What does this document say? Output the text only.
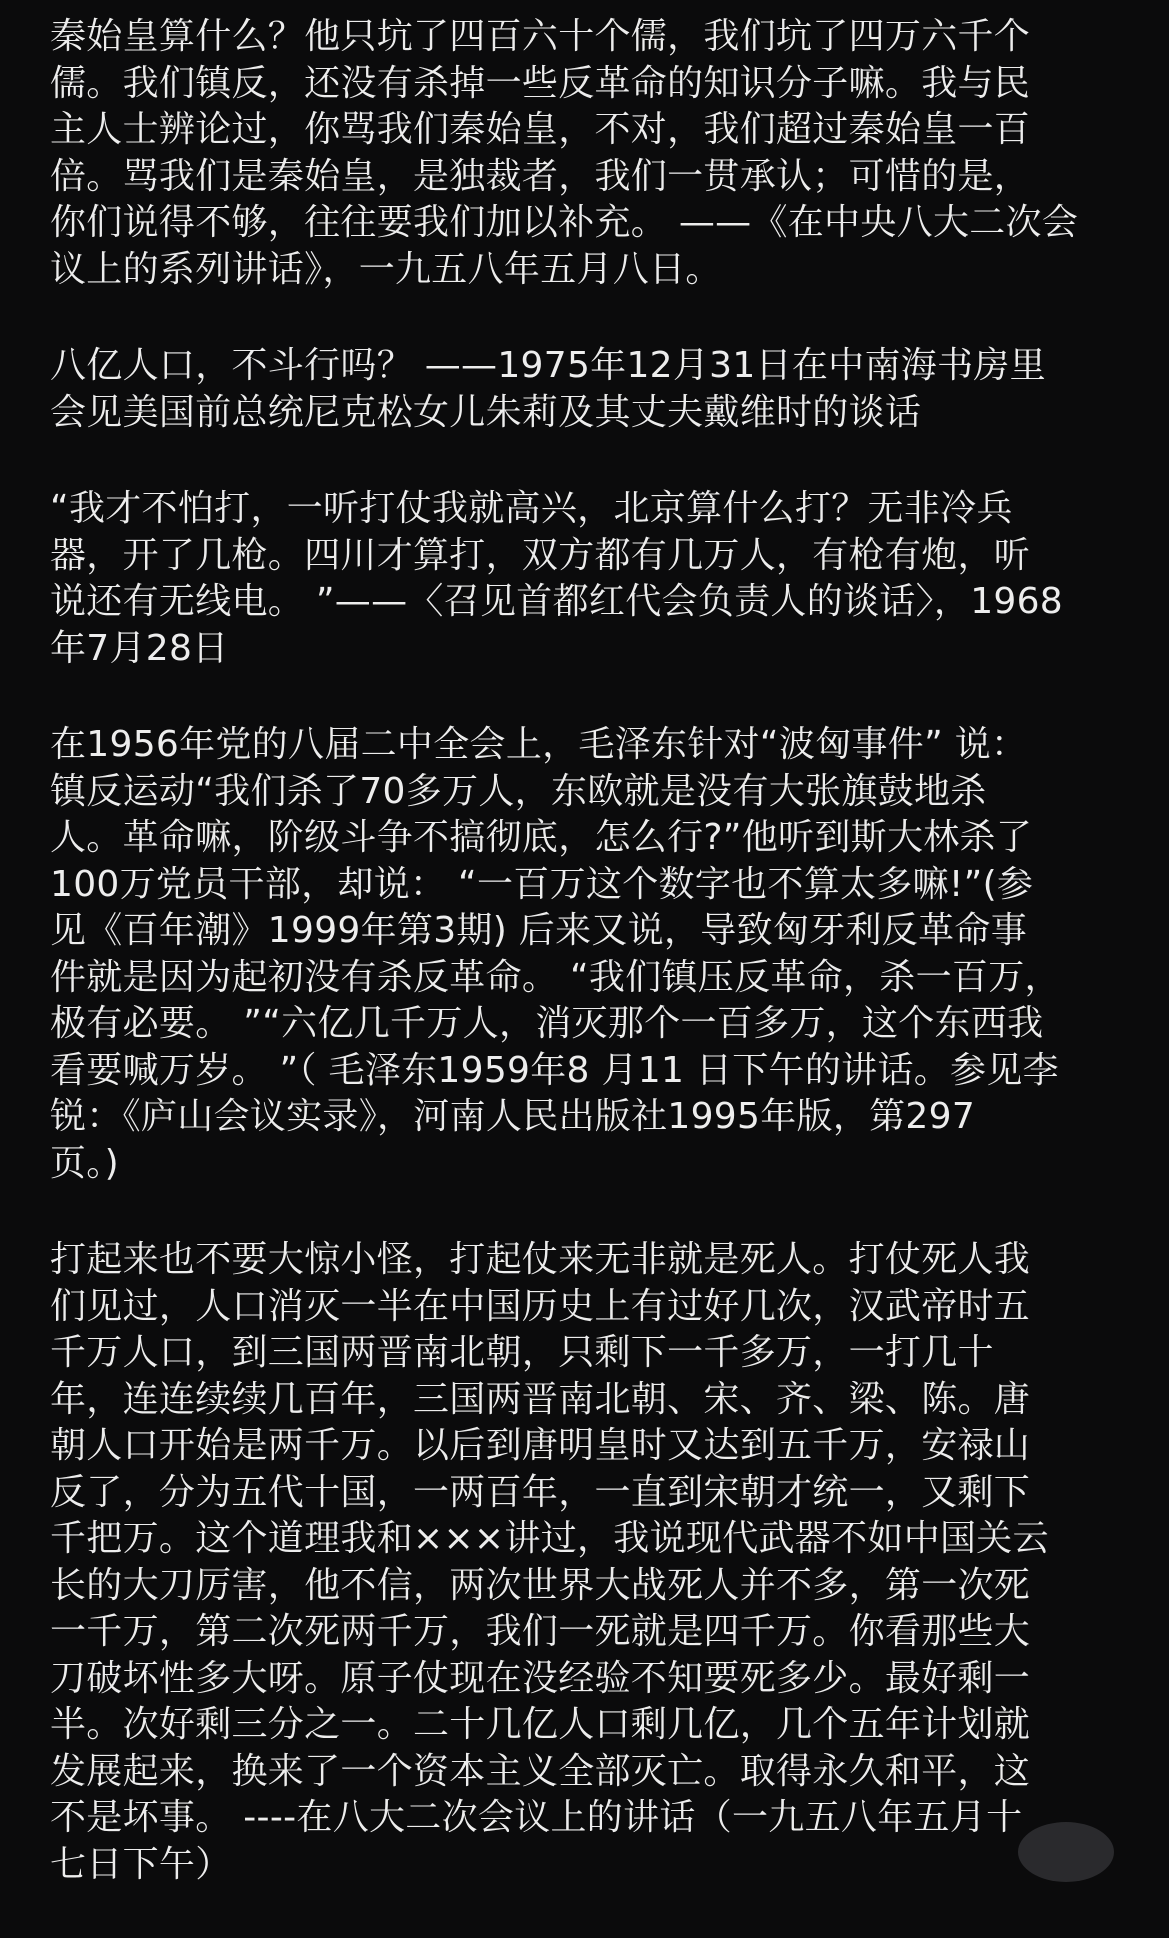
秦始皇算什么？他只坑了四百六十个儒，我们坑了四万六千个
儒。我们镇反，还没有杀掉一些反革命的知识分子嘛。我与民
主人士辨论过，你骂我们秦始皇，不对，我们超过秦始皇一百
倍。骂我们是秦始皇，是独裁者，我们一贯承认；可惜的是，
你们说得不够，往往要我们加以补充。 ——《在中央八大二次会
议上的系列讲话》，一九五八年五月八日。
八亿人口，不斗行吗？ ——1975年12月31日在中南海书房里
会见美国前总统尼克松女儿朱莉及其丈夫戴维时的谈话
“我才不怕打，一听打仗我就高兴，北京算什么打？无非冷兵
器，开了几枪。四川才算打，双方都有几万人，有枪有炮，听
说还有无线电。 ”——〈召见首都红代会负责人的谈话〉，1968
年7月28日
在1956年党的八届二中全会上，毛泽东针对“波匈事件” 说：
镇反运动“我们杀了70多万人，东欧就是没有大张旗鼓地杀
人。革命嘛，阶级斗争不搞彻底，怎么行?”他听到斯大林杀了
100万党员干部，却说： “一百万这个数字也不算太多嘛!”(参
见《百年潮》1999年第3期) 后来又说，导致匈牙利反革命事
件就是因为起初没有杀反革命。 “我们镇压反革命，杀一百万，
极有必要。 ”“六亿几千万人，消灭那个一百多万，这个东西我
看要喊万岁。 ”（ 毛泽东1959年8 月11 日下午的讲话。参见李
锐：《庐山会议实录》，河南人民出版社1995年版，第297
页。)
打起来也不要大惊小怪，打起仗来无非就是死人。打仗死人我
们见过，人口消灭一半在中国历史上有过好几次，汉武帝时五
千万人口，到三国两晋南北朝，只剩下一千多万，一打几十
年，连连续续几百年，三国两晋南北朝、宋、齐、梁、陈。唐
朝人口开始是两千万。以后到唐明皇时又达到五千万，安禄山
反了，分为五代十国，一两百年，一直到宋朝才统一，又剩下
千把万。这个道理我和×××讲过，我说现代武器不如中国关云
长的大刀厉害，他不信，两次世界大战死人并不多，第一次死
一千万，第二次死两千万，我们一死就是四千万。你看那些大
刀破坏性多大呀。原子仗现在没经验不知要死多少。最好剩一
半。次好剩三分之一。二十几亿人口剩几亿，几个五年计划就
发展起来，换来了一个资本主义全部灭亡。取得永久和平，这
不是坏事。 ----在八大二次会议上的讲话（一九五八年五月十
七日下午）
